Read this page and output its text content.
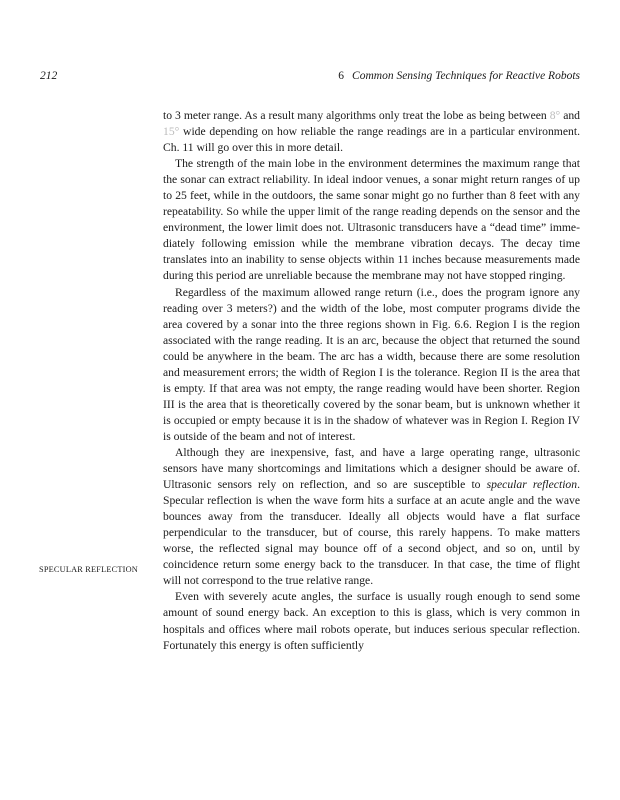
212	6 Common Sensing Techniques for Reactive Robots
SPECULAR REFLECTION

to 3 meter range. As a result many algorithms only treat the lobe as being between 8° and 15° wide depending on how reliable the range readings are in a particular environment. Ch. 11 will go over this in more detail.

The strength of the main lobe in the environment determines the maximum range that the sonar can extract reliability. In ideal indoor venues, a sonar might return ranges of up to 25 feet, while in the outdoors, the same sonar might go no further than 8 feet with any repeatability. So while the upper limit of the range reading depends on the sensor and the environment, the lower limit does not. Ultrasonic transducers have a “dead time” immediately following emission while the membrane vibration decays. The decay time translates into an inability to sense objects within 11 inches because measurements made during this period are unreliable because the membrane may not have stopped ringing.

Regardless of the maximum allowed range return (i.e., does the program ignore any reading over 3 meters?) and the width of the lobe, most computer programs divide the area covered by a sonar into the three regions shown in Fig. 6.6. Region I is the region associated with the range reading. It is an arc, because the object that returned the sound could be anywhere in the beam. The arc has a width, because there are some resolution and measurement errors; the width of Region I is the tolerance. Region II is the area that is empty. If that area was not empty, the range reading would have been shorter. Region III is the area that is theoretically covered by the sonar beam, but is unknown whether it is occupied or empty because it is in the shadow of whatever was in Region I. Region IV is outside of the beam and not of interest.

Although they are inexpensive, fast, and have a large operating range, ultrasonic sensors have many shortcomings and limitations which a designer should be aware of. Ultrasonic sensors rely on reflection, and so are susceptible to specular reflection. Specular reflection is when the wave form hits a surface at an acute angle and the wave bounces away from the transducer. Ideally all objects would have a flat surface perpendicular to the transducer, but of course, this rarely happens. To make matters worse, the reflected signal may bounce off of a second object, and so on, until by coincidence return some energy back to the transducer. In that case, the time of flight will not correspond to the true relative range.

Even with severely acute angles, the surface is usually rough enough to send some amount of sound energy back. An exception to this is glass, which is very common in hospitals and offices where mail robots operate, but induces serious specular reflection. Fortunately this energy is often sufficiently
